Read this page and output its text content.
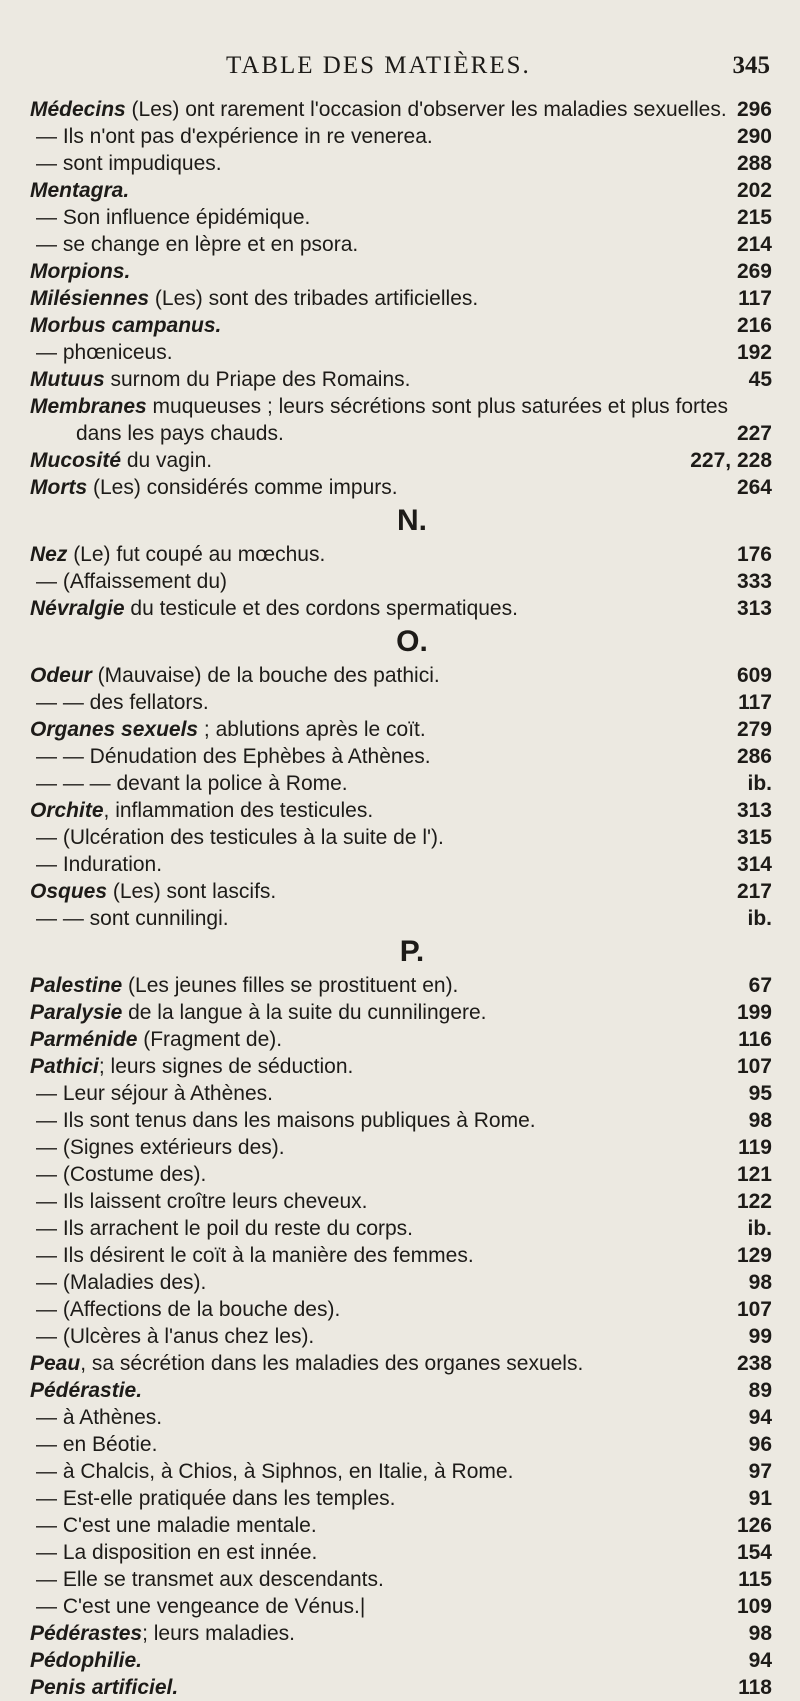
TABLE DES MATIÈRES.	345
Médecins (Les) ont rarement l'occasion d'observer les maladies sexuelles. 296
— Ils n'ont pas d'expérience in re venerea.	290
— sont impudiques.	288
Mentagra.	202
— Son influence épidémique.	215
— se change en lèpre et en psora.	214
Morpions.	269
Milésiennes (Les) sont des tribades artificielles.	117
Morbus campanus.	216
— phœniceus.	192
Mutuus surnom du Priape des Romains.	45
Membranes muqueuses ; leurs sécrétions sont plus saturées et plus fortes
dans les pays chauds.	227
Mucosité du vagin.	227, 228
Morts (Les) considérés comme impurs.	264
N.
Nez (Le) fut coupé au mœchus.	176
— (Affaissement du)	333
Névralgie du testicule et des cordons spermatiques.	313
O.
Odeur (Mauvaise) de la bouche des pathici.	609
— — des fellators.	117
Organes sexuels ; ablutions après le coït.	279
— — Dénudation des Ephèbes à Athènes.	286
— — — devant la police à Rome.	ib.
Orchite, inflammation des testicules.	313
— (Ulcération des testicules à la suite de l').	315
— Induration.	314
Osques (Les) sont lascifs.	217
— — sont cunnilingi.	ib.
P.
Palestine (Les jeunes filles se prostituent en).	67
Paralysie de la langue à la suite du cunnilingere.	199
Parménide (Fragment de).	116
Pathici; leurs signes de séduction.	107
— Leur séjour à Athènes.	95
— Ils sont tenus dans les maisons publiques à Rome.	98
— (Signes extérieurs des).	119
— (Costume des).	121
— Ils laissent croître leurs cheveux.	122
— Ils arrachent le poil du reste du corps.	ib.
— Ils désirent le coït à la manière des femmes.	129
— (Maladies des).	98
— (Affections de la bouche des).	107
— (Ulcères à l'anus chez les).	99
Peau, sa sécrétion dans les maladies des organes sexuels.	238
Pédérastie.	89
— à Athènes.	94
— en Béotie.	96
— à Chalcis, à Chios, à Siphnos, en Italie, à Rome.	97
— Est-elle pratiquée dans les temples.	91
— C'est une maladie mentale.	126
— La disposition en est innée.	154
— Elle se transmet aux descendants.	115
— C'est une vengeance de Vénus.|	109
Pédérastes; leurs maladies.	98
Pédophilie.	94
Penis artificiel.	118
